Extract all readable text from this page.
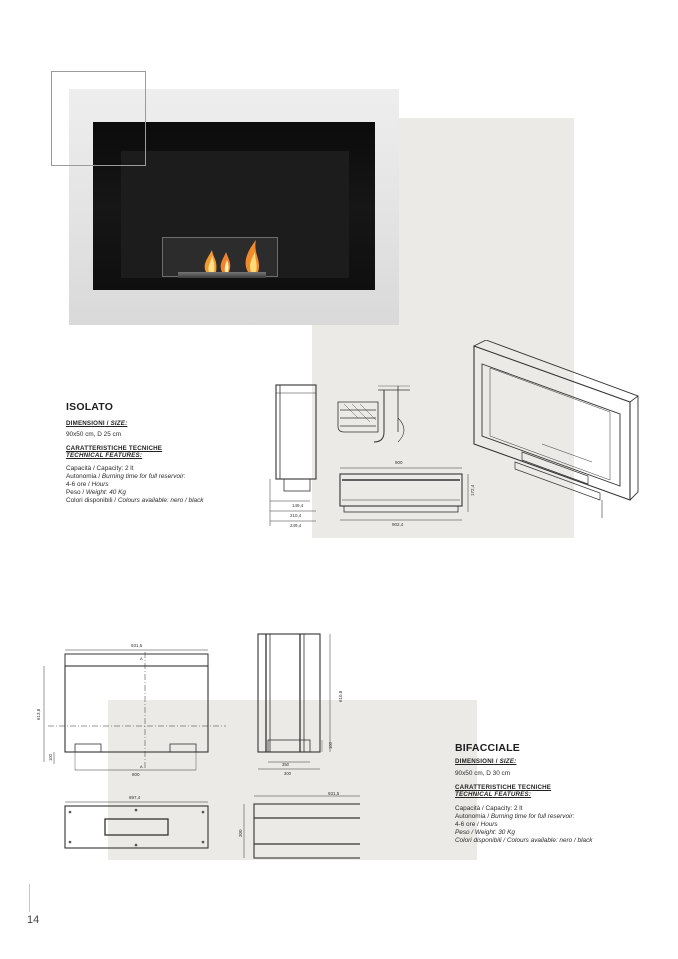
ISOLATO
DIMENSIONI / SIZE:
90x50 cm, D 25 cm
CARATTERISTICHE TECNICHE
TECHNICAL FEATURES:
Capacità / Capacity: 2 lt
Autonomia / Burning time for full reservoir:
4-6 ore / Hours
Peso / Weight: 40 Kg
Colori disponibili / Colours available: nero / black
149,4
210,4
249,4
900
172,4
902,4
931,5
613,8
100
800
A
A
897,4
610,8
100
350
300
300
931,5
BIFACCIALE
DIMENSIONI / SIZE:
90x50 cm, D 30 cm
CARATTERISTICHE TECNICHE
TECHNICAL FEATURES:
Capacità / Capacity: 2 lt
Autonomia / Burning time for full reservoir:
4-6 ore / Hours
Peso / Weight: 30 Kg
Colori disponibili / Colours available: nero / black
14
